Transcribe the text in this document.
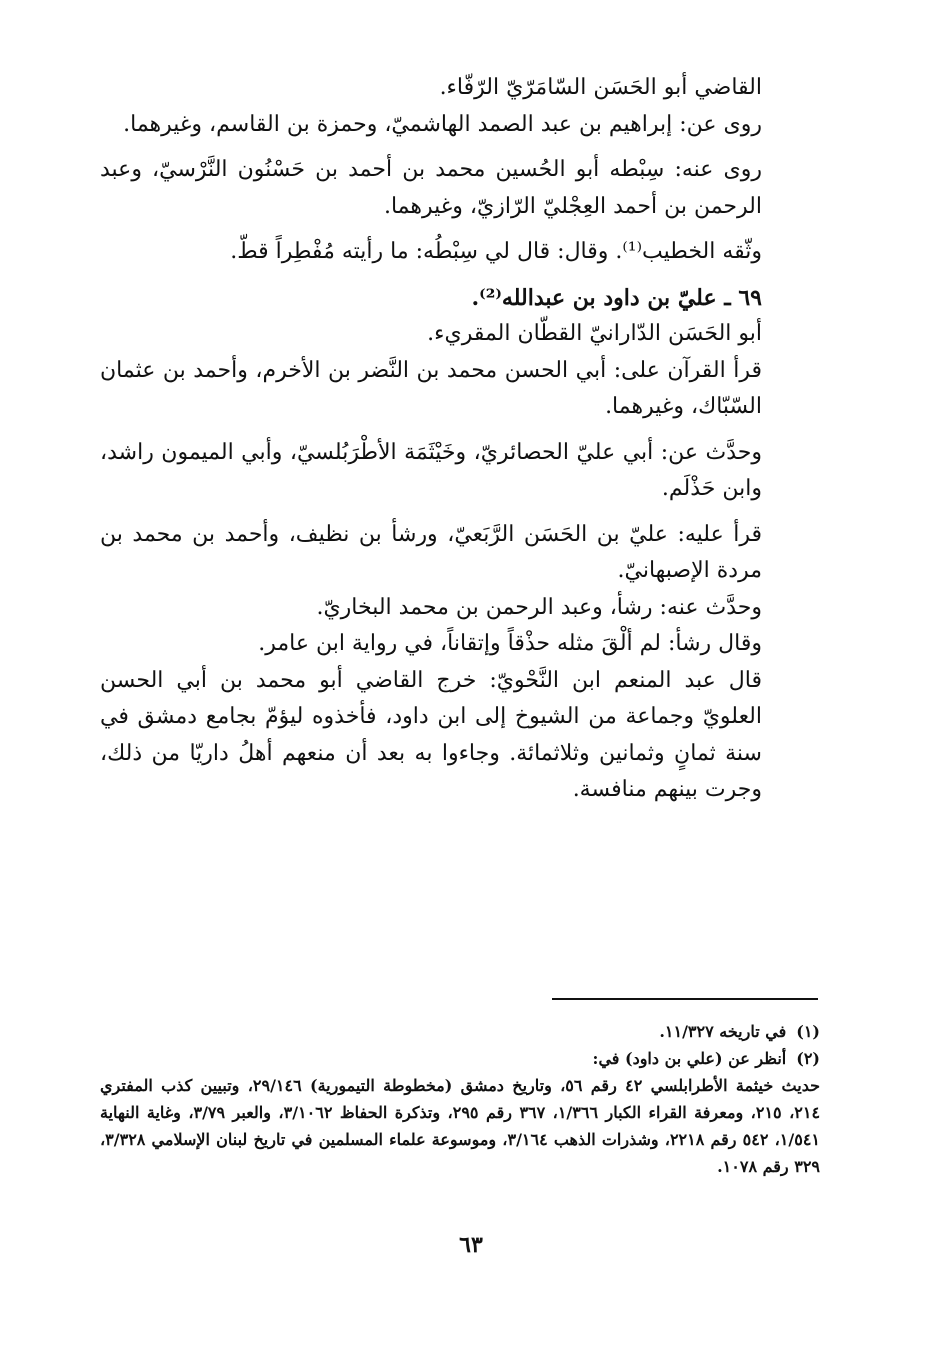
القاضي أبو الحَسَن السّامَرّيّ الرّفّاء.

روى عن: إبراهيم بن عبد الصمد الهاشميّ، وحمزة بن القاسم، وغيرهما.

روى عنه: سِبْطه أبو الحُسين محمد بن أحمد بن حَسْنُون النَّرْسيّ، وعبد الرحمن بن أحمد العِجْليّ الرّازيّ، وغيرهما.

وثّقه الخطيب⁽¹⁾. وقال: قال لي سِبْطُه: ما رأيته مُفْطِراً قطّ.

٦٩ ـ عليّ بن داود بن عبدالله⁽²⁾.

أبو الحَسَن الدّارانيّ القطّان المقريء.

قرأ القرآن على: أبي الحسن محمد بن النَّضر بن الأخرم، وأحمد بن عثمان السّبّاك، وغيرهما.

وحدَّث عن: أبي عليّ الحصائريّ، وخَيْثَمَة الأطْرَبُلسيّ، وأبي الميمون راشد، وابن حَذْلَم.

قرأ عليه: عليّ بن الحَسَن الرَّبَعيّ، ورشأ بن نظيف، وأحمد بن محمد بن مردة الإصبهانيّ.

وحدَّث عنه: رشأ، وعبد الرحمن بن محمد البخاريّ.

وقال رشأ: لم ألْقَ مثله حذْقاً وإتقاناً، في رواية ابن عامر.

قال عبد المنعم ابن النَّحْويّ: خرج القاضي أبو محمد بن أبي الحسن العلويّ وجماعة من الشيوخ إلى ابن داود، فأخذوه ليؤمّ بجامع دمشق في سنة ثمانٍ وثمانين وثلاثمائة. وجاءوا به بعد أن منعهم أهلُ داريّا من ذلك، وجرت بينهم منافسة.

(١)
في تاريخه ١١/٣٢٧.
(٢)
أنظر عن (علي بن داود) في:

حديث خيثمة الأطرابلسي ٤٢ رقم ٥٦، وتاريخ دمشق (مخطوطة التيمورية) ٢٩/١٤٦، وتبيين كذب المفتري ٢١٤، ٢١٥، ومعرفة القراء الكبار ١/٣٦٦، ٣٦٧ رقم ٢٩٥، وتذكرة الحفاظ ٣/١٠٦٢، والعبر ٣/٧٩، وغاية النهاية ١/٥٤١، ٥٤٢ رقم ٢٢١٨، وشذرات الذهب ٣/١٦٤، وموسوعة علماء المسلمين في تاريخ لبنان الإسلامي ٣/٣٢٨، ٣٢٩ رقم ١٠٧٨.

٦٣
